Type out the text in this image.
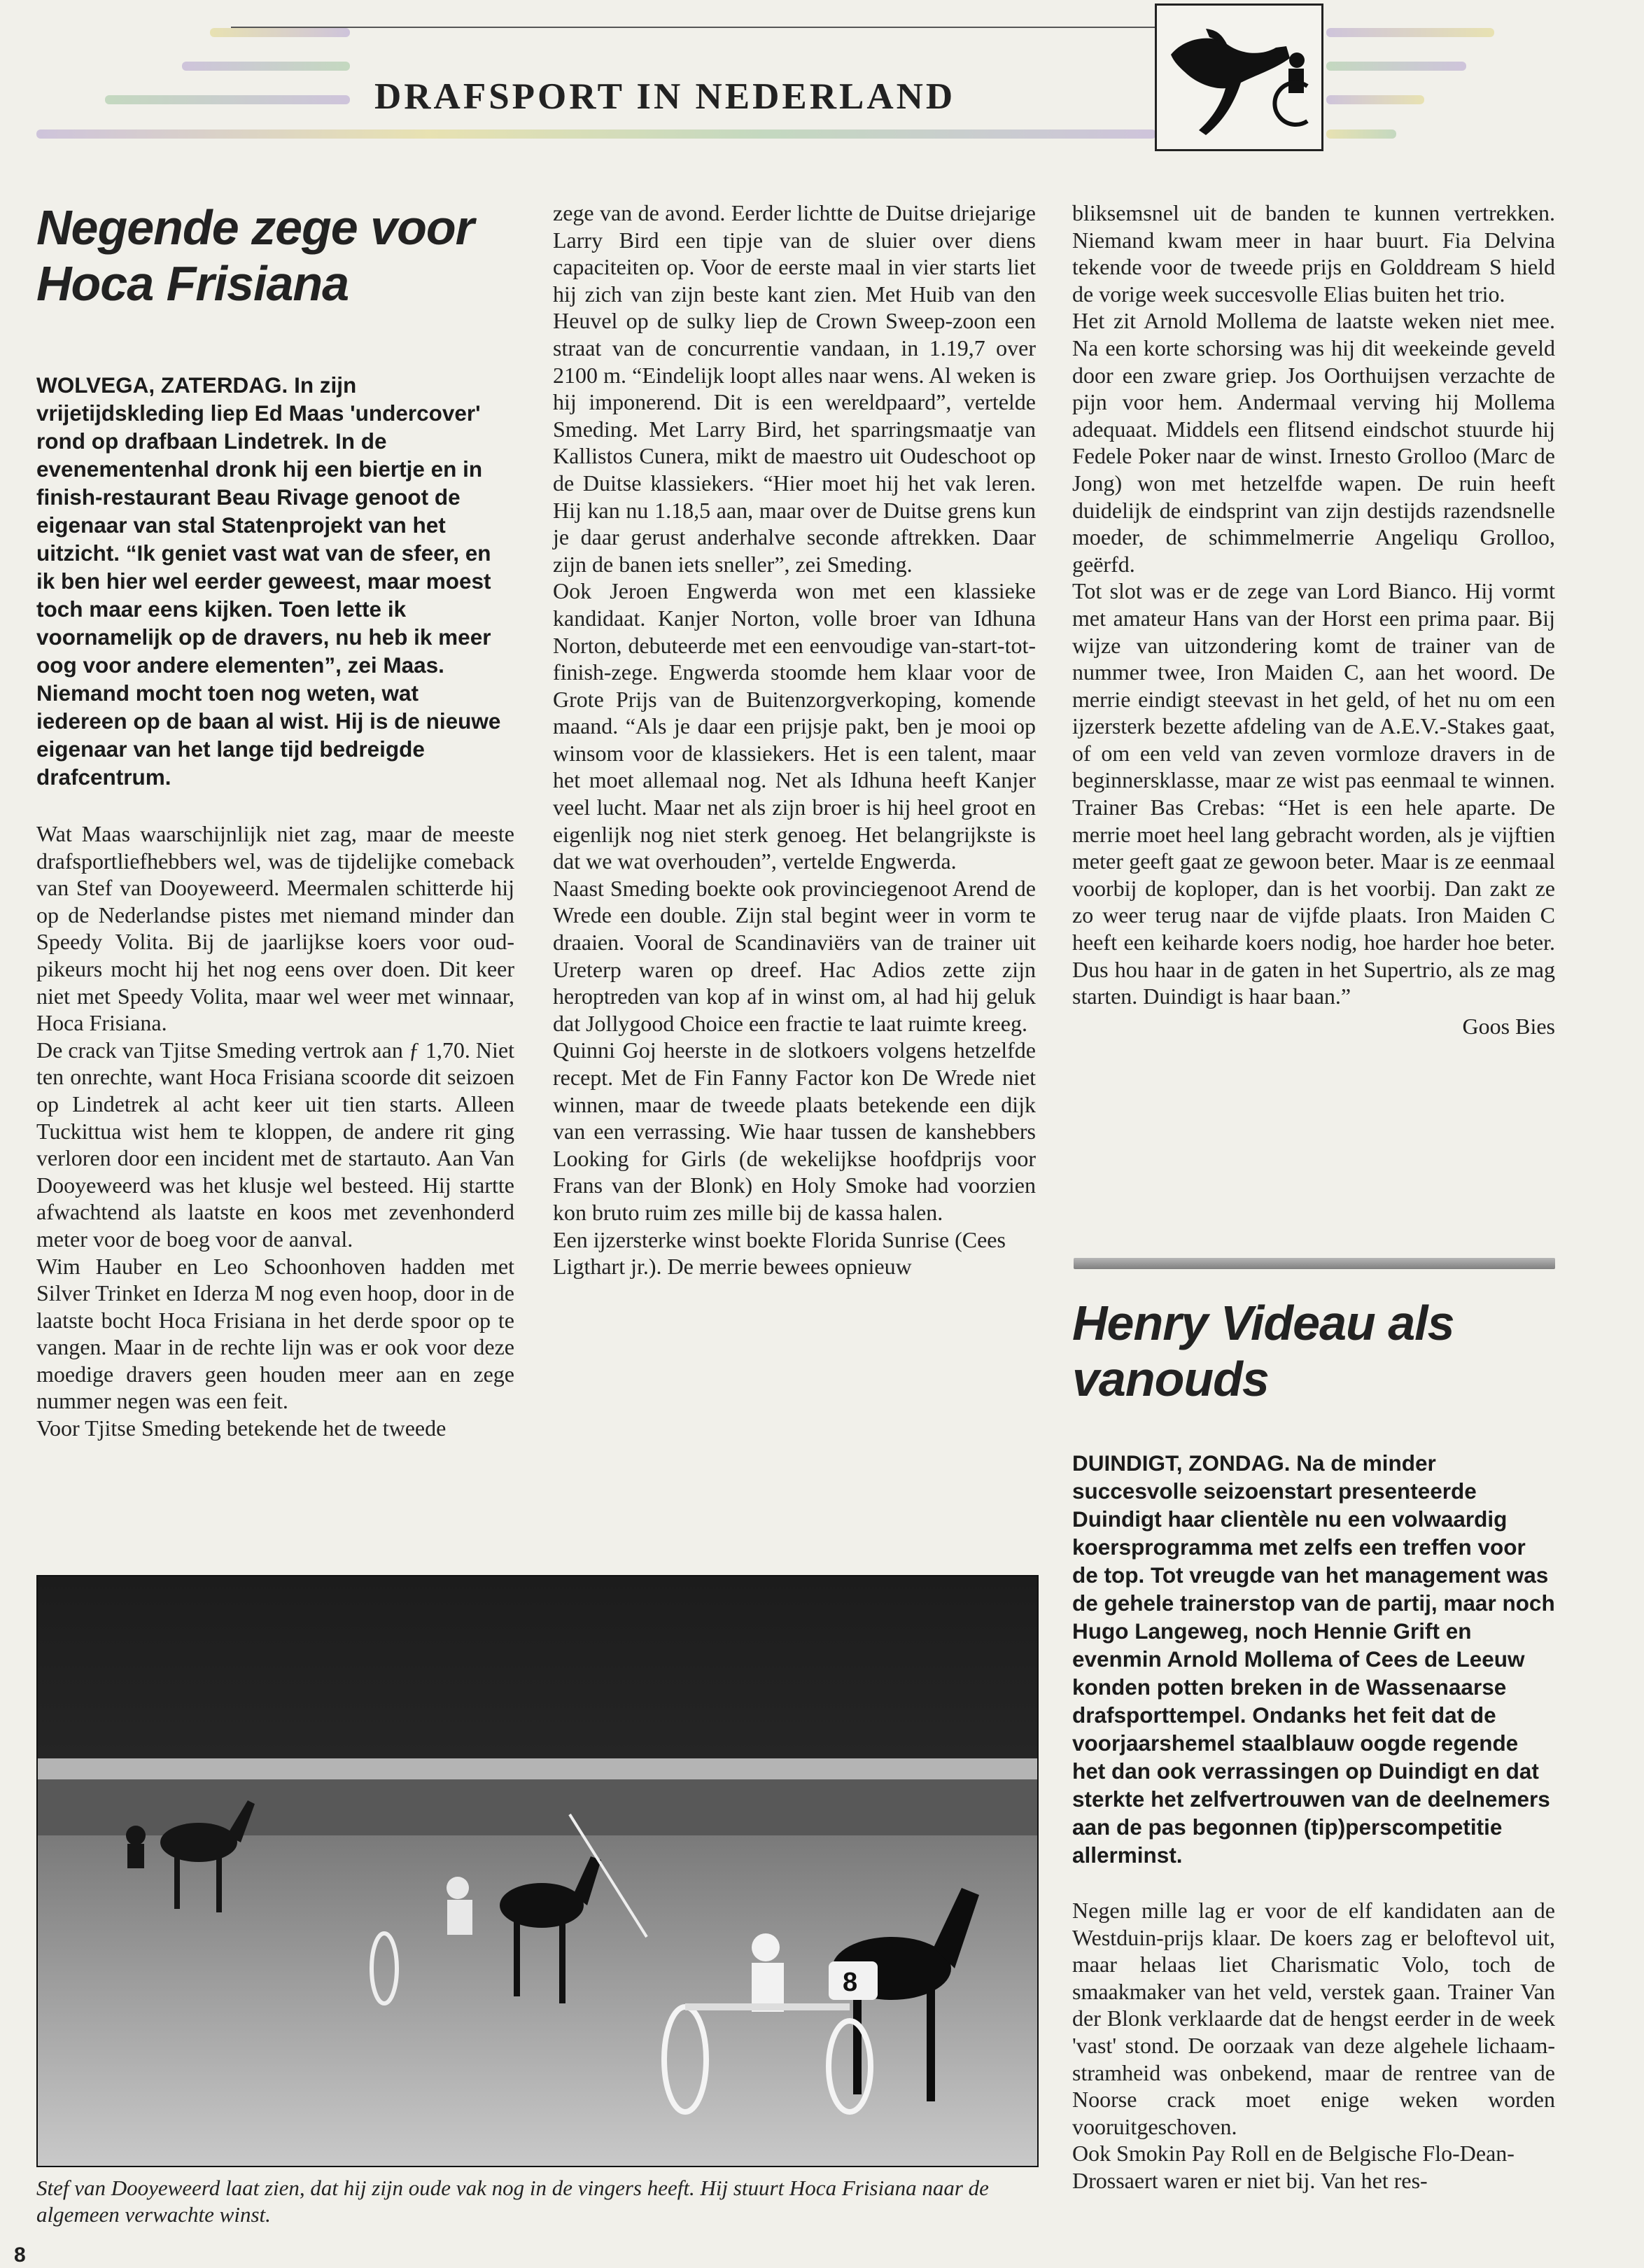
DRAFSPORT IN NEDERLAND
Negende zege voor Hoca Frisiana

WOLVEGA, ZATERDAG. In zijn vrijetijdskleding liep Ed Maas 'undercover' rond op drafbaan Lindetrek. In de evenementenhal dronk hij een biertje en in finish-restaurant Beau Rivage genoot de eigenaar van stal Statenprojekt van het uitzicht. “Ik geniet vast wat van de sfeer, en ik ben hier wel eerder geweest, maar moest toch maar eens kijken. Toen lette ik voornamelijk op de dravers, nu heb ik meer oog voor andere elementen”, zei Maas. Niemand mocht toen nog weten, wat iedereen op de baan al wist. Hij is de nieuwe eigenaar van het lange tijd bedreigde drafcentrum.

Wat Maas waarschijnlijk niet zag, maar de meeste drafsportliefhebbers wel, was de tijdelijke comeback van Stef van Dooyeweerd. Meermalen schitterde hij op de Nederlandse pistes met niemand minder dan Speedy Volita. Bij de jaarlijkse koers voor oud-pikeurs mocht hij het nog eens over doen. Dit keer niet met Speedy Volita, maar wel weer met winnaar, Hoca Frisiana.

De crack van Tjitse Smeding vertrok aan ƒ 1,70. Niet ten onrechte, want Hoca Frisiana scoorde dit seizoen op Lindetrek al acht keer uit tien starts. Alleen Tuckittua wist hem te kloppen, de andere rit ging verloren door een incident met de startauto. Aan Van Dooyeweerd was het klusje wel besteed. Hij startte afwachtend als laatste en koos met zevenhonderd meter voor de boeg voor de aanval.

Wim Hauber en Leo Schoonhoven hadden met Silver Trinket en Iderza M nog even hoop, door in de laatste bocht Hoca Frisiana in het derde spoor op te vangen. Maar in de rechte lijn was er ook voor deze moedige dravers geen houden meer aan en zege nummer negen was een feit.

Voor Tjitse Smeding betekende het de tweede

zege van de avond. Eerder lichtte de Duitse driejarige Larry Bird een tipje van de sluier over diens capaciteiten op. Voor de eerste maal in vier starts liet hij zich van zijn beste kant zien. Met Huib van den Heuvel op de sulky liep de Crown Sweep-zoon een straat van de concurrentie vandaan, in 1.19,7 over 2100 m. “Eindelijk loopt alles naar wens. Al weken is hij imponerend. Dit is een wereldpaard”, vertelde Smeding. Met Larry Bird, het sparringsmaatje van Kallistos Cunera, mikt de maestro uit Oudeschoot op de Duitse klassiekers. “Hier moet hij het vak leren. Hij kan nu 1.18,5 aan, maar over de Duitse grens kun je daar gerust anderhalve seconde aftrekken. Daar zijn de banen iets sneller”, zei Smeding.

Ook Jeroen Engwerda won met een klassieke kandidaat. Kanjer Norton, volle broer van Idhuna Norton, debuteerde met een eenvoudige van-start-tot-finish-zege. Engwerda stoomde hem klaar voor de Grote Prijs van de Buitenzorgverkoping, komende maand. “Als je daar een prijsje pakt, ben je mooi op winsom voor de klassiekers. Het is een talent, maar het moet allemaal nog. Net als Idhuna heeft Kanjer veel lucht. Maar net als zijn broer is hij heel groot en eigenlijk nog niet sterk genoeg. Het belangrijkste is dat we wat overhouden”, vertelde Engwerda.

Naast Smeding boekte ook provinciegenoot Arend de Wrede een double. Zijn stal begint weer in vorm te draaien. Vooral de Scandinaviërs van de trainer uit Ureterp waren op dreef. Hac Adios zette zijn heroptreden van kop af in winst om, al had hij geluk dat Jollygood Choice een fractie te laat ruimte kreeg.

Quinni Goj heerste in de slotkoers volgens hetzelfde recept. Met de Fin Fanny Factor kon De Wrede niet winnen, maar de tweede plaats betekende een dijk van een verrassing. Wie haar tussen de kanshebbers Looking for Girls (de wekelijkse hoofdprijs voor Frans van der Blonk) en Holy Smoke had voorzien kon bruto ruim zes mille bij de kassa halen.

Een ijzersterke winst boekte Florida Sunrise (Cees Ligthart jr.). De merrie bewees opnieuw

bliksemsnel uit de banden te kunnen vertrekken. Niemand kwam meer in haar buurt. Fia Delvina tekende voor de tweede prijs en Golddream S hield de vorige week succesvolle Elias buiten het trio.

Het zit Arnold Mollema de laatste weken niet mee. Na een korte schorsing was hij dit weekeinde geveld door een zware griep. Jos Oorthuijsen verzachte de pijn voor hem. Andermaal verving hij Mollema adequaat. Middels een flitsend eindschot stuurde hij Fedele Poker naar de winst. Irnesto Grolloo (Marc de Jong) won met hetzelfde wapen. De ruin heeft duidelijk de eindsprint van zijn destijds razendsnelle moeder, de schimmelmerrie Angeliqu Grolloo, geërfd.

Tot slot was er de zege van Lord Bianco. Hij vormt met amateur Hans van der Horst een prima paar. Bij wijze van uitzondering komt de trainer van de nummer twee, Iron Maiden C, aan het woord. De merrie eindigt steevast in het geld, of het nu om een ijzersterk bezette afdeling van de A.E.V.-Stakes gaat, of om een veld van zeven vormloze dravers in de beginnersklasse, maar ze wist pas eenmaal te winnen. Trainer Bas Crebas: “Het is een hele aparte. De merrie moet heel lang gebracht worden, als je vijftien meter geeft gaat ze gewoon beter. Maar is ze eenmaal voorbij de koploper, dan is het voorbij. Dan zakt ze zo weer terug naar de vijfde plaats. Iron Maiden C heeft een keiharde koers nodig, hoe harder hoe beter. Dus hou haar in de gaten in het Supertrio, als ze mag starten. Duindigt is haar baan.”

Goos Bies

Henry Videau als vanouds

DUINDIGT, ZONDAG. Na de minder succesvolle seizoenstart presenteerde Duindigt haar clientèle nu een volwaardig koersprogramma met zelfs een treffen voor de top. Tot vreugde van het management was de gehele trainerstop van de partij, maar noch Hugo Langeweg, noch Hennie Grift en evenmin Arnold Mollema of Cees de Leeuw konden potten breken in de Wassenaarse drafsporttempel. Ondanks het feit dat de voorjaarshemel staalblauw oogde regende het dan ook verrassingen op Duindigt en dat sterkte het zelfvertrouwen van de deelnemers aan de pas begonnen (tip)perscompetitie allerminst.

Negen mille lag er voor de elf kandidaten aan de Westduin-prijs klaar. De koers zag er beloftevol uit, maar helaas liet Charismatic Volo, toch de smaakmaker van het veld, verstek gaan. Trainer Van der Blonk verklaarde dat de hengst eerder in de week 'vast' stond. De oorzaak van deze algehele lichaam-stramheid was onbekend, maar de rentree van de Noorse crack moet enige weken worden vooruitgeschoven.

Ook Smokin Pay Roll en de Belgische Flo-Dean-Drossaert waren er niet bij. Van het res-

8
Stef van Dooyeweerd laat zien, dat hij zijn oude vak nog in de vingers heeft. Hij stuurt Hoca Frisiana naar de algemeen verwachte winst.
8
